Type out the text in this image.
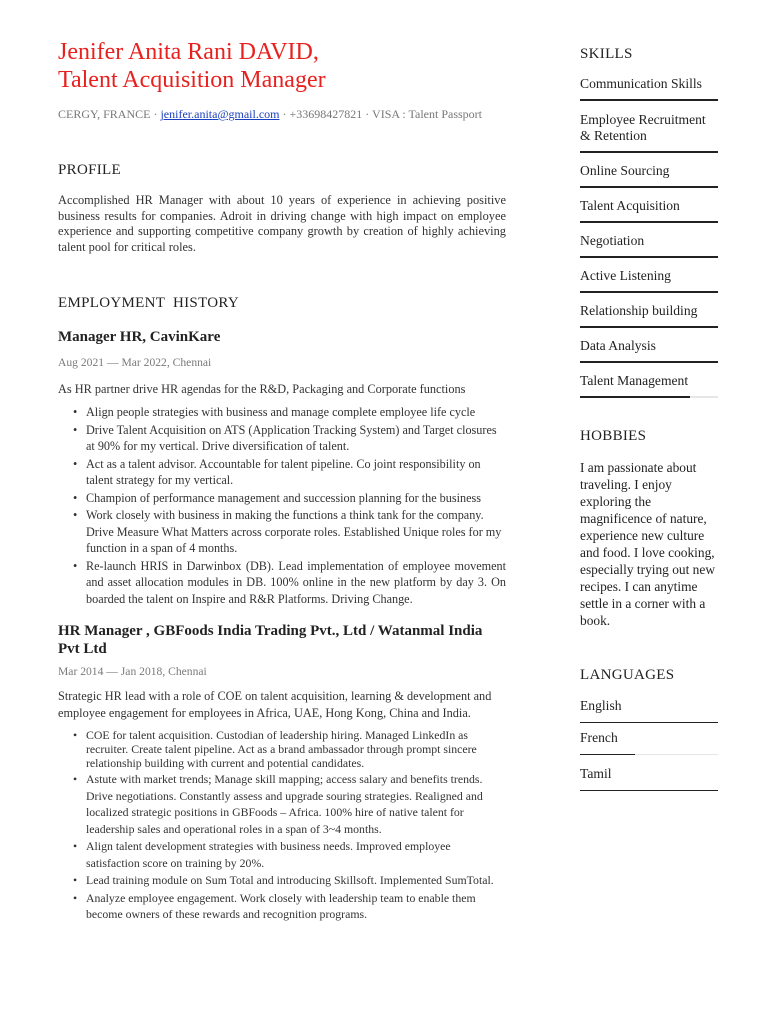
Jenifer Anita Rani DAVID,
Talent Acquisition Manager
CERGY, FRANCE · jenifer.anita@gmail.com · +33698427821 · VISA : Talent Passport
PROFILE

Accomplished HR Manager with about 10 years of experience in achieving positive business results for companies. Adroit in driving change with high impact on employee experience and supporting competitive company growth by creation of highly achieving talent pool for critical roles.

EMPLOYMENT  HISTORY
Manager HR, CavinKare
Aug 2021 — Mar 2022, Chennai
As HR partner drive HR agendas for the R&D, Packaging and Corporate functions
• Align people strategies with business and manage complete employee life cycle
• Drive Talent Acquisition on ATS (Application Tracking System) and Target closures at 90% for my vertical. Drive diversification of talent.
• Act as a talent advisor. Accountable for talent pipeline. Co joint responsibility on talent strategy for my vertical.
• Champion of performance management and succession planning for the business
• Work closely with business in making the functions a think tank for the company. Drive Measure What Matters across corporate roles. Established Unique roles for my function in a span of 4 months.
• Re-launch HRIS in Darwinbox (DB). Lead implementation of employee movement and asset allocation modules in DB. 100% online in the new platform by day 3. On boarded the talent on Inspire and R&R Platforms. Driving Change.
HR Manager , GBFoods India Trading Pvt., Ltd / Watanmal India Pvt Ltd
Mar 2014 — Jan 2018, Chennai
Strategic HR lead with a role of COE on talent acquisition, learning & development and employee engagement for employees in Africa, UAE, Hong Kong, China and India.
• COE for talent acquisition. Custodian of leadership hiring. Managed LinkedIn as recruiter. Create talent pipeline. Act as a brand ambassador through prompt sincere relationship building with current and potential candidates.
• Astute with market trends; Manage skill mapping; access salary and benefits trends. Drive negotiations. Constantly assess and upgrade souring strategies. Realigned and localized strategic positions in GBFoods – Africa. 100% hire of native talent for leadership sales and operational roles in a span of 3~4 months.
• Align talent development strategies with business needs. Improved employee satisfaction score on training by 20%.
• Lead training module on Sum Total and introducing Skillsoft. Implemented SumTotal.
• Analyze employee engagement. Work closely with leadership team to enable them become owners of these rewards and recognition programs.
SKILLS
Communication Skills
Employee Recruitment & Retention
Online Sourcing
Talent Acquisition
Negotiation
Active Listening
Relationship building
Data Analysis
Talent Management
HOBBIES

I am passionate about traveling. I enjoy exploring the magnificence of nature, experience new culture and food. I love cooking, especially trying out new recipes. I can anytime settle in a corner with a book.

LANGUAGES
English
French
Tamil
